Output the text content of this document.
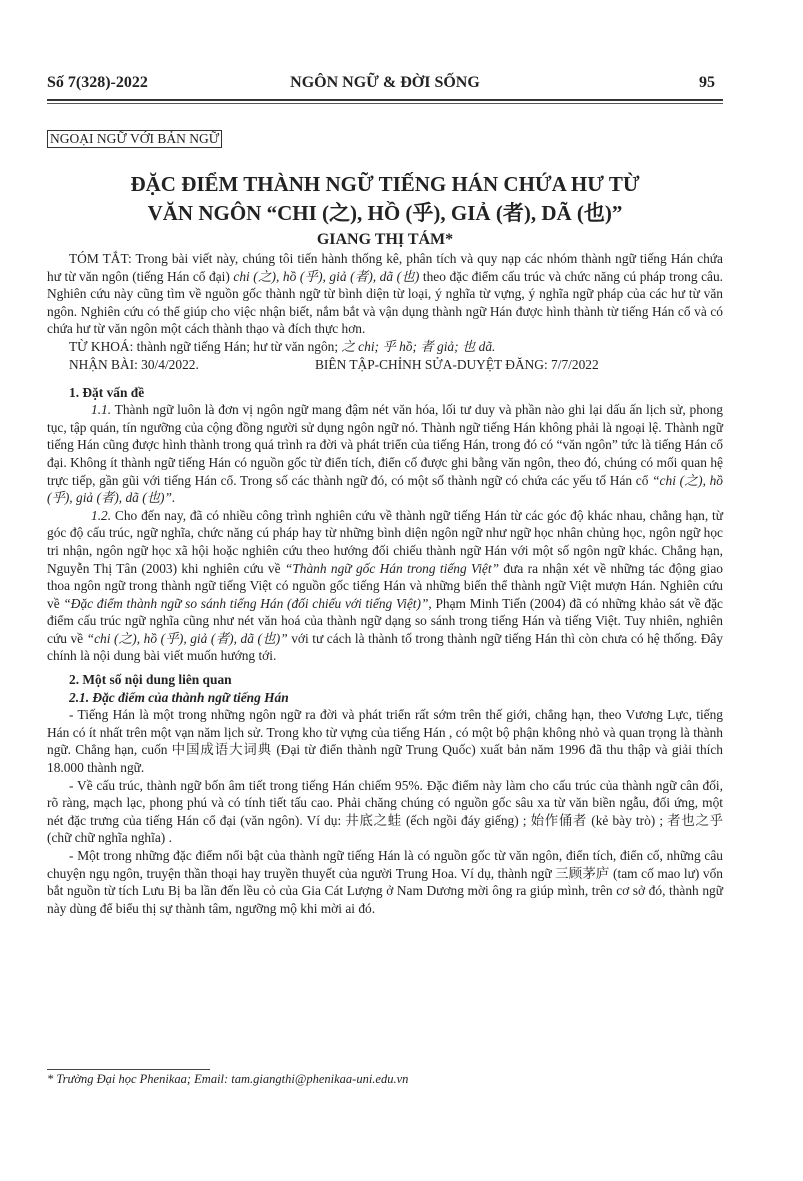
Số 7(328)-2022	NGÔN NGỮ & ĐỜI SỐNG	95
NGOẠI NGỮ VỚI BẢN NGỮ
ĐẶC ĐIỂM THÀNH NGỮ TIẾNG HÁN CHỨA HƯ TỪ
VĂN NGÔN “CHI (之), HỒ (乎), GIẢ (者), DÃ (也)”
GIANG THỊ TÁM*

TÓM TẮT: Trong bài viết này, chúng tôi tiến hành thống kê, phân tích và quy nạp các nhóm thành ngữ tiếng Hán chứa hư từ văn ngôn (tiếng Hán cổ đại) chi (之), hồ (乎), giả (者), dã (也) theo đặc điểm cấu trúc và chức năng cú pháp trong câu. Nghiên cứu này cũng tìm về nguồn gốc thành ngữ từ bình diện từ loại, ý nghĩa từ vựng, ý nghĩa ngữ pháp của các hư từ văn ngôn. Nghiên cứu có thể giúp cho việc nhận biết, nắm bắt và vận dụng thành ngữ Hán được hình thành từ tiếng Hán cổ và có chứa hư từ văn ngôn một cách thành thạo và đích thực hơn.

TỪ KHOÁ: thành ngữ tiếng Hán; hư từ văn ngôn; 之 chi; 乎 hồ; 者 giả; 也 dã.

NHẬN BÀI: 30/4/2022.	BIÊN TẬP-CHỈNH SỬA-DUYỆT ĐĂNG: 7/7/2022

1. Đặt vấn đề

1.1. Thành ngữ luôn là đơn vị ngôn ngữ mang đậm nét văn hóa, lối tư duy và phần nào ghi lại dấu ấn lịch sử, phong tục, tập quán, tín ngưỡng của cộng đồng người sử dụng ngôn ngữ nó. Thành ngữ tiếng Hán không phải là ngoại lệ. Thành ngữ tiếng Hán cũng được hình thành trong quá trình ra đời và phát triển của tiếng Hán, trong đó có “văn ngôn” tức là tiếng Hán cổ đại. Không ít thành ngữ tiếng Hán có nguồn gốc từ điển tích, điển cố được ghi bằng văn ngôn, theo đó, chúng có mối quan hệ trực tiếp, gần gũi với tiếng Hán cổ. Trong số các thành ngữ đó, có một số thành ngữ có chứa các yếu tố Hán cổ “chi (之), hồ (乎), giả (者), dã (也)”.

1.2. Cho đến nay, đã có nhiều công trình nghiên cứu về thành ngữ tiếng Hán từ các góc độ khác nhau, chẳng hạn, từ góc độ cấu trúc, ngữ nghĩa, chức năng cú pháp hay từ những bình diện ngôn ngữ như ngữ học nhân chủng học, ngôn ngữ học tri nhận, ngôn ngữ học xã hội hoặc nghiên cứu theo hướng đối chiếu thành ngữ Hán với một số ngôn ngữ khác. Chẳng hạn, Nguyễn Thị Tân (2003) khi nghiên cứu về “Thành ngữ gốc Hán trong tiếng Việt” đưa ra nhận xét về những tác động giao thoa ngôn ngữ trong thành ngữ tiếng Việt có nguồn gốc tiếng Hán và những biến thể thành ngữ Việt mượn Hán. Nghiên cứu về “Đặc điểm thành ngữ so sánh tiếng Hán (đối chiếu với tiếng Việt)”, Phạm Minh Tiến (2004) đã có những khảo sát về đặc điểm cấu trúc ngữ nghĩa cũng như nét văn hoá của thành ngữ dạng so sánh trong tiếng Hán và tiếng Việt. Tuy nhiên, nghiên cứu về “chi (之), hồ (乎), giả (者), dã (也)” với tư cách là thành tố trong thành ngữ tiếng Hán thì còn chưa có hệ thống. Đây chính là nội dung bài viết muốn hướng tới.

2. Một số nội dung liên quan

2.1. Đặc điểm của thành ngữ tiếng Hán

- Tiếng Hán là một trong những ngôn ngữ ra đời và phát triển rất sớm trên thế giới, chẳng hạn, theo Vương Lực, tiếng Hán có ít nhất trên một vạn năm lịch sử. Trong kho từ vựng của tiếng Hán , có một bộ phận không nhỏ và quan trọng là thành ngữ. Chẳng hạn, cuốn 中国成语大词典 (Đại từ điển thành ngữ Trung Quốc) xuất bản năm 1996 đã thu thập và giải thích 18.000 thành ngữ.

- Về cấu trúc, thành ngữ bốn âm tiết trong tiếng Hán chiếm 95%. Đặc điểm này làm cho cấu trúc của thành ngữ cân đối, rõ ràng, mạch lạc, phong phú và có tính tiết tấu cao. Phải chăng chúng có nguồn gốc sâu xa từ văn biền ngẫu, đối ứng, một nét đặc trưng của tiếng Hán cổ đại (văn ngôn). Ví dụ: 井底之蛙 (ếch ngồi đáy giếng) ; 始作俑者 (kẻ bày trò) ; 者也之乎 (chữ chữ nghĩa nghĩa) .

- Một trong những đặc điểm nổi bật của thành ngữ tiếng Hán là có nguồn gốc từ văn ngôn, điển tích, điển cố, những câu chuyện ngụ ngôn, truyện thần thoại hay truyền thuyết của người Trung Hoa. Ví dụ, thành ngữ 三顾茅庐 (tam cố mao lư) vốn bắt nguồn từ tích Lưu Bị ba lần đến lều cỏ của Gia Cát Lượng ở Nam Dương mời ông ra giúp mình, trên cơ sở đó, thành ngữ này dùng để biểu thị sự thành tâm, ngưỡng mộ khi mời ai đó.

* Trường Đại học Phenikaa; Email: tam.giangthi@phenikaa-uni.edu.vn
